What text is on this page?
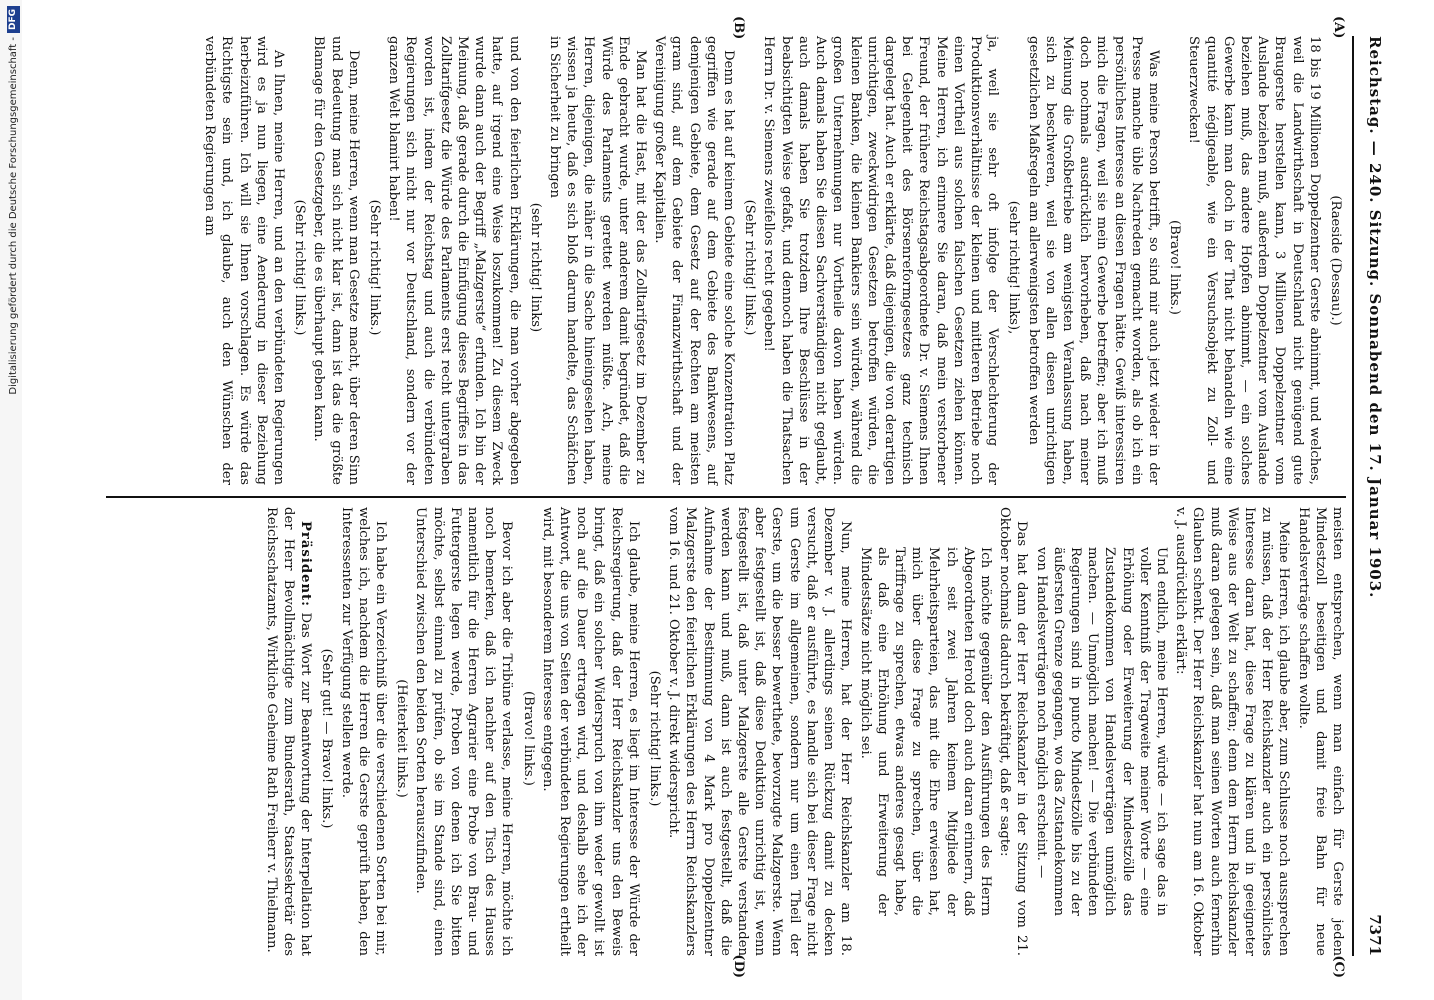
Digitalisierung gefördert durch die Deutsche Forschungsgemeinschaft -
DFG
Reichstag. — 240. Sitzung. Sonnabend den 17. Januar 1903.
7371
(A)
(B)
(C)
(D)

(Raeside (Dessau).)

18 bis 19 Millionen Doppelzentner Gerste abnimmt, und welches, weil die Landwirthschaft in Deutschland nicht genügend gute Braugerste herstellen kann, 3 Millionen Doppelzentner vom Auslande beziehen muß, außerdem Doppelzentner vom Auslande beziehen muß, das andere Hopfen abnimmt, — ein solches Gewerbe kann man doch in der That nicht behandeln wie eine quantité négligeable, wie ein Versuchsobjekt zu Zoll- und Steuerzwecken!

(Bravo! links.)

Was meine Person betrifft, so sind mir auch jetzt wieder in der Presse manche üble Nachreden gemacht worden, als ob ich ein persönliches Interesse an diesen Fragen hätte. Gewiß interessiren mich die Fragen, weil sie mein Gewerbe betreffen; aber ich muß doch nochmals ausdrücklich hervorheben, daß nach meiner Meinung die Großbetriebe am wenigsten Veranlassung haben, sich zu beschweren, weil sie von allen diesen unrichtigen gesetzlichen Maßregeln am allerwenigsten betroffen werden

(sehr richtig! links),

ja, weil sie sehr oft infolge der Verschlechterung der Produktionsverhältnisse der kleinen und mittleren Betriebe noch einen Vortheil aus solchen falschen Gesetzen ziehen können. Meine Herren, ich erinnere Sie daran, daß mein verstorbener Freund, der frühere Reichstagsabgeordnete Dr. v. Siemens Ihnen bei Gelegenheit des Börsenreformgesetzes ganz technisch dargelegt hat. Auch er erklärte, daß diejenigen, die von derartigen unrichtigen, zweckwidrigen Gesetzen betroffen würden, die kleinen Banken, die kleinen Bankiers sein würden, während die großen Unternehmungen nur Vortheile davon haben würden. Auch damals haben Sie diesen Sachverständigen nicht geglaubt, auch damals haben Sie trotzdem Ihre Beschlüsse in der beabsichtigten Weise gefaßt, und dennoch haben die Thatsachen Herrn Dr. v. Siemens zweifellos recht gegeben!

(Sehr richtig! links.)

Denn es hat auf keinem Gebiete eine solche Konzentration Platz gegriffen wie gerade auf dem Gebiete des Bankwesens, auf demjenigen Gebiete, dem Gesetz auf der Rechten am meisten gram sind, auf dem Gebiete der Finanzwirthschaft und der Vereinigung großer Kapitalien.

Man hat die Hast, mit der das Zolltarifgesetz im Dezember zu Ende gebracht wurde, unter anderem damit begründet, daß die Würde des Parlaments gerettet werden müßte. Ach, meine Herren, diejenigen, die näher in die Sache hineingesehen haben, wissen ja heute, daß es sich bloß darum handelte, das Schäfchen in Sicherheit zu bringen

(sehr richtig! links)

und von den feierlichen Erklärungen, die man vorher abgegeben hatte, auf irgend eine Weise loszukommen! Zu diesem Zweck wurde dann auch der Begriff „Malzgerste“ erfunden. Ich bin der Meinung, daß gerade durch die Einfügung dieses Begriffes in das Zolltarifgesetz die Würde des Parlaments erst recht untergraben worden ist, indem der Reichstag und auch die verbündeten Regierungen sich nicht nur vor Deutschland, sondern vor der ganzen Welt blamirt haben!

(Sehr richtig! links.)

Denn, meine Herren, wenn man Gesetze macht, über deren Sinn und Bedeutung man sich nicht klar ist, dann ist das die größte Blamage für den Gesetzgeber, die es überhaupt geben kann.

(Sehr richtig! links.)

An Ihnen, meine Herren, und an den verbündeten Regierungen wird es ja nun liegen, eine Aenderung in dieser Beziehung herbeizuführen. Ich will sie Ihnen vorschlagen. Es würde das Richtigste sein und, ich glaube, auch den Wünschen der verbündeten Regierungen am

meisten entsprechen, wenn man einfach für Gerste jeden Mindestzoll beseitigen und damit freie Bahn für neue Handelsverträge schaffen wollte.

Meine Herren, ich glaube aber, zum Schlusse noch aussprechen zu müssen, daß der Herr Reichskanzler auch ein persönliches Interesse daran hat, diese Frage zu klären und in geeigneter Weise aus der Welt zu schaffen; denn dem Herrn Reichskanzler muß daran gelegen sein, daß man seinen Worten auch fernerhin Glauben schenkt. Der Herr Reichskanzler hat nun am 16. Oktober v. J. ausdrücklich erklärt:

Und endlich, meine Herren, würde — ich sage das in voller Kenntniß der Tragweite meiner Worte — eine Erhöhung oder Erweiterung der Mindestzölle das Zustandekommen von Handelsverträgen unmöglich machen. — Unmöglich machen! — Die verbündeten Regierungen sind in puncto Mindestzölle bis zu der äußersten Grenze gegangen, wo das Zustandekommen von Handelsverträgen noch möglich erscheint. —

Das hat dann der Herr Reichskanzler in der Sitzung vom 21. Oktober nochmals dadurch bekräftigt, daß er sagte:

Ich möchte gegenüber den Ausführungen des Herrn Abgeordneten Herold doch auch daran erinnern, daß ich seit zwei Jahren keinem Mitgliede der Mehrheitsparteien, das mit die Ehre erwiesen hat, mich über diese Frage zu sprechen, über die Tariffrage zu sprechen, etwas anderes gesagt habe, als daß eine Erhöhung und Erweiterung der Mindestsätze nicht möglich sei.

Nun, meine Herren, hat der Herr Reichskanzler am 18. Dezember v. J. allerdings seinen Rückzug damit zu decken versucht, daß er ausführte, es handle sich bei dieser Frage nicht um Gerste im allgemeinen, sondern nur um einen Theil der Gerste, um die besser bewerthete, bevorzugte Malzgerste. Wenn aber festgestellt ist, daß diese Deduktion unrichtig ist, wenn festgestellt ist, daß unter Malzgerste alle Gerste verstanden werden kann und muß, dann ist auch festgestellt, daß die Aufnahme der Bestimmung von 4 Mark pro Doppelzentner Malzgerste den feierlichen Erklärungen des Herrn Reichskanzlers vom 16. und 21. Oktober v. J. direkt widerspricht.

(Sehr richtig! links.)

Ich glaube, meine Herren, es liegt im Interesse der Würde der Reichsregierung, daß der Herr Reichskanzler uns den Beweis bringt, daß ein solcher Widerspruch von ihm weder gewollt ist noch auf die Dauer ertragen wird, und deshalb sehe ich der Antwort, die uns von Seiten der verbündeten Regierungen ertheilt wird, mit besonderem Interesse entgegen.

(Bravo! links.)

Bevor ich aber die Tribüne verlasse, meine Herren, möchte ich noch bemerken, daß ich nachher auf den Tisch des Hauses namentlich für die Herren Agrarier eine Probe von Brau- und Futtergerste legen werde, Proben von denen ich Sie bitten möchte, selbst einmal zu prüfen, ob sie im Stande sind, einen Unterschied zwischen den beiden Sorten herauszufinden.

(Heiterkeit links.)

Ich habe ein Verzeichniß über die verschiedenen Sorten bei mir, welches ich, nachdem die Herren die Gerste geprüft haben, den Interessenten zur Verfügung stellen werde.

(Sehr gut! — Bravo! links.)

Präsident: Das Wort zur Beantwortung der Interpellation hat der Herr Bevollmächtigte zum Bundesrath, Staatssekretär des Reichsschatzamts, Wirkliche Geheime Rath Freiherr v. Thielmann.
